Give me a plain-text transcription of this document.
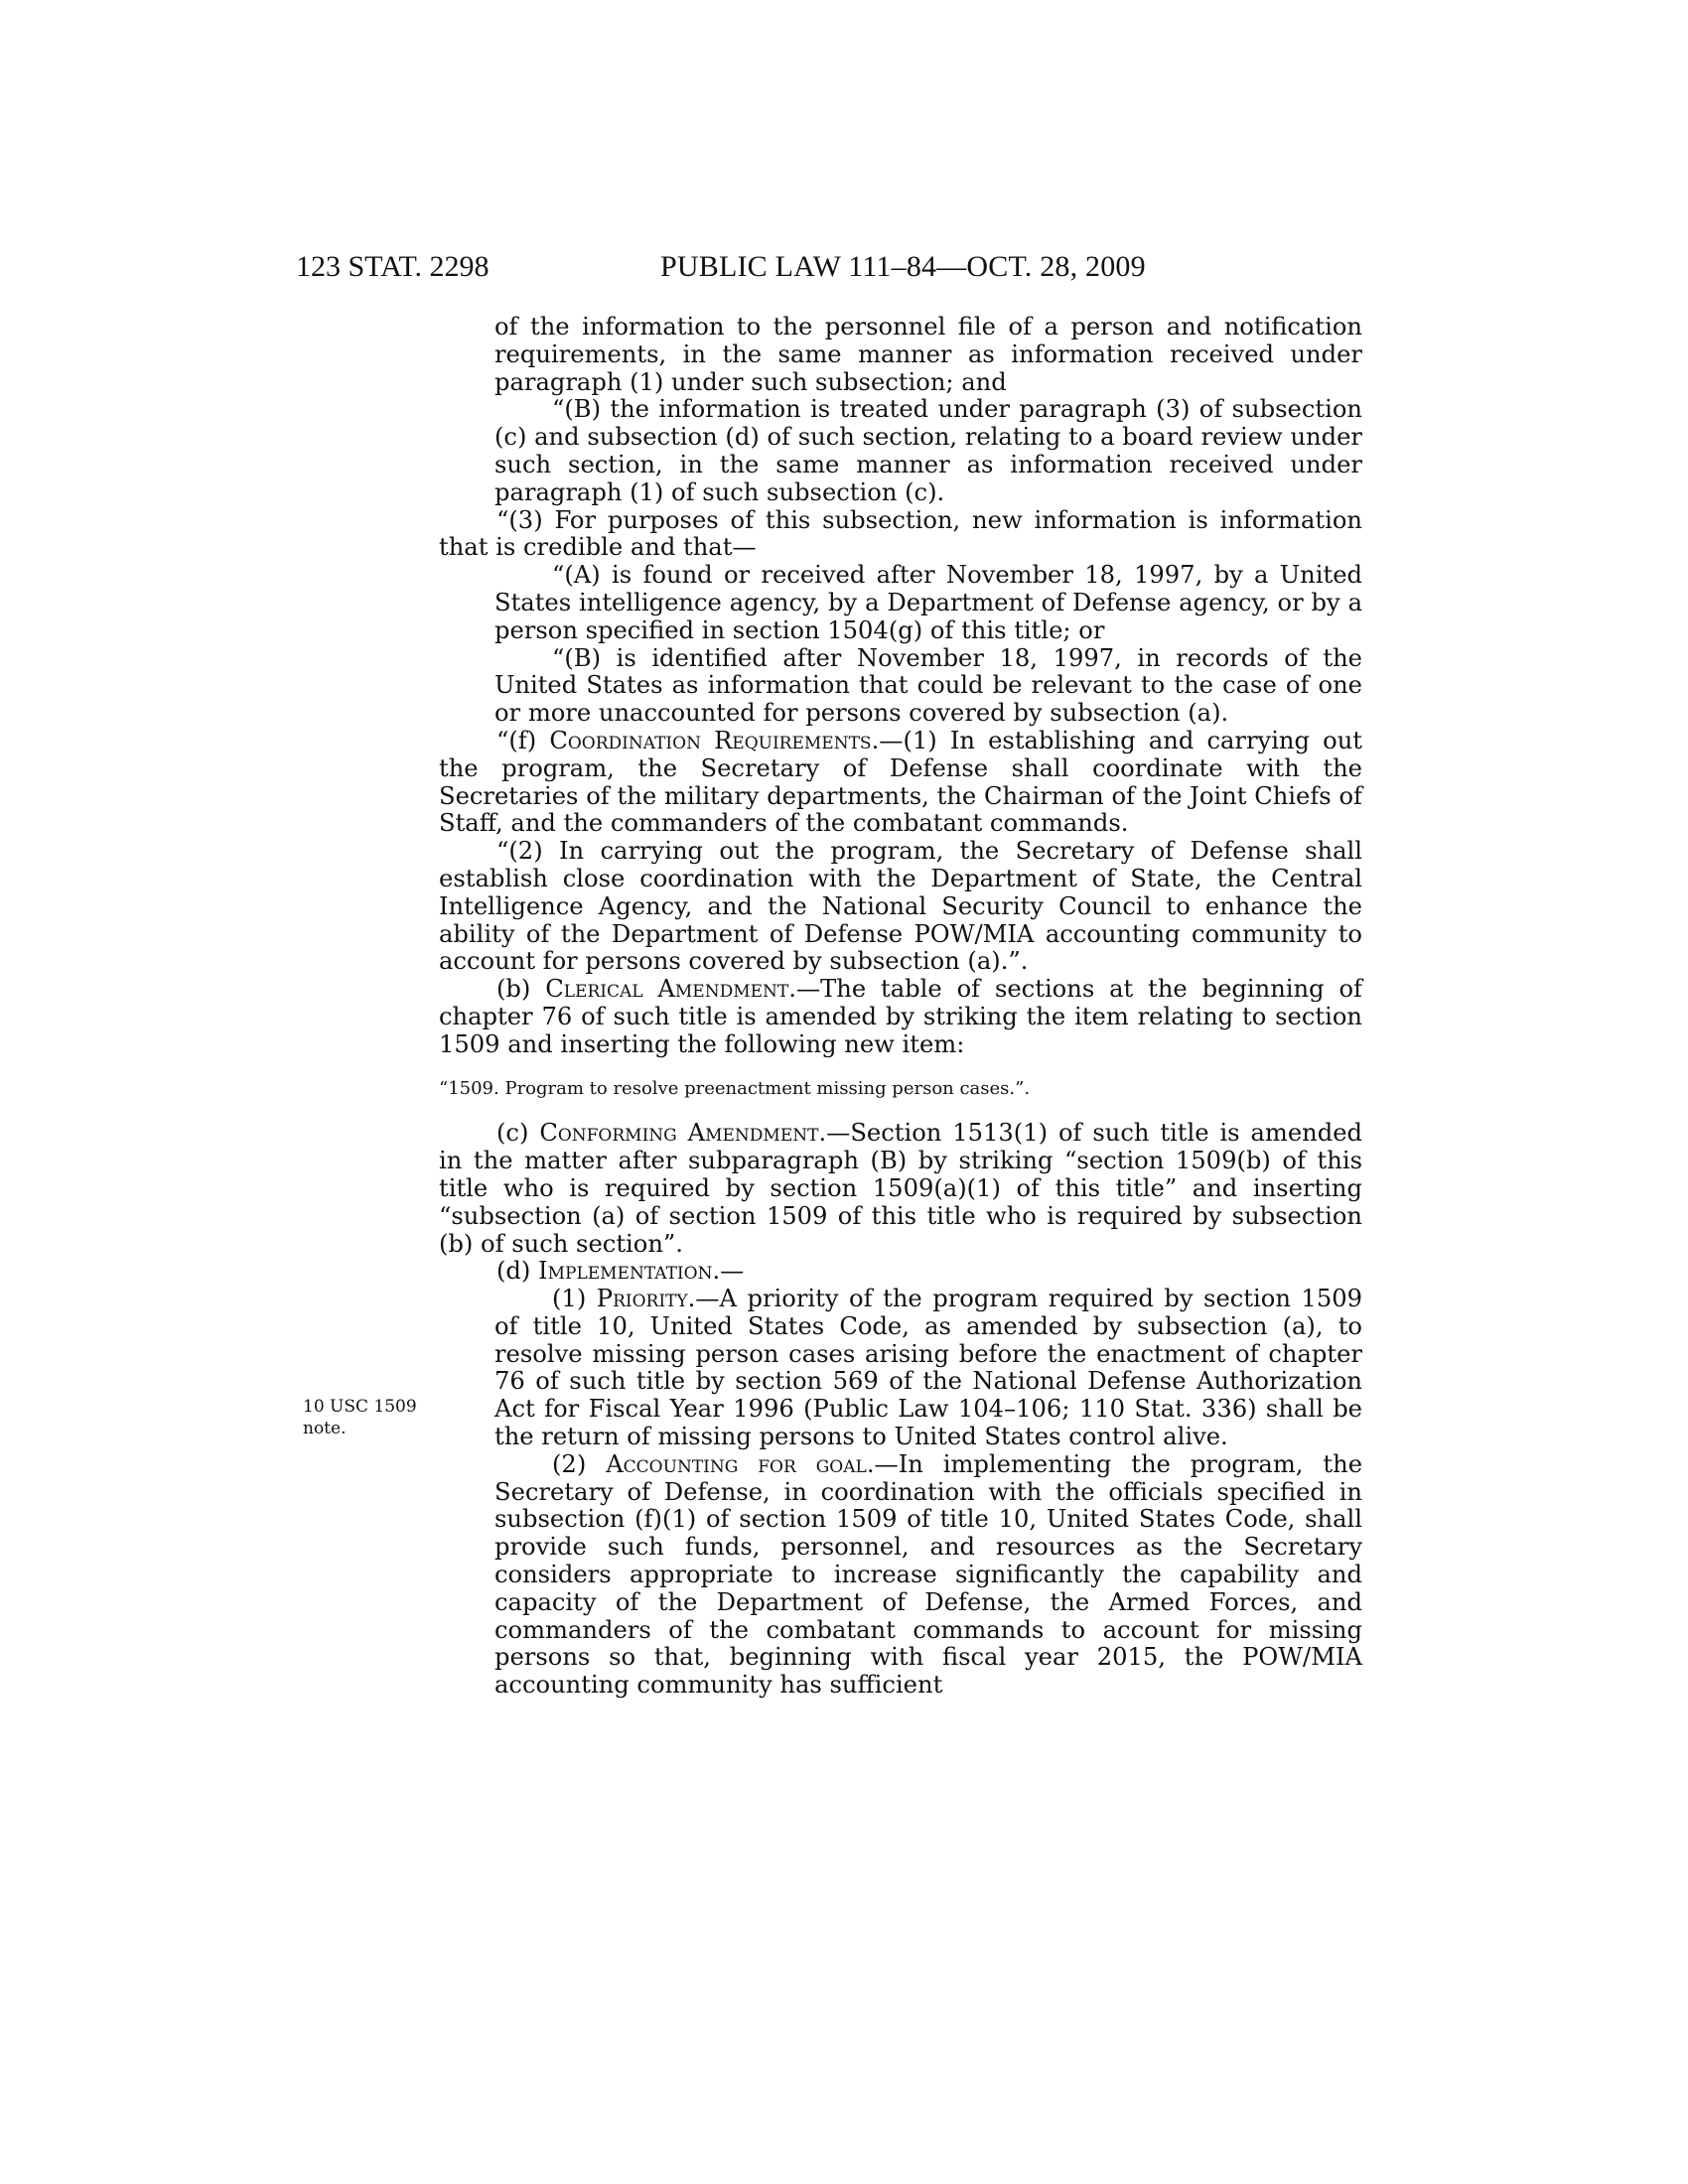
123 STAT. 2298	PUBLIC LAW 111–84—OCT. 28, 2009
10 USC 1509
note.

of the information to the personnel file of a person and notification requirements, in the same manner as information received under paragraph (1) under such subsection; and

“(B) the information is treated under paragraph (3) of subsection (c) and subsection (d) of such section, relating to a board review under such section, in the same manner as information received under paragraph (1) of such subsection (c).

“(3) For purposes of this subsection, new information is information that is credible and that—

“(A) is found or received after November 18, 1997, by a United States intelligence agency, by a Department of Defense agency, or by a person specified in section 1504(g) of this title; or

“(B) is identified after November 18, 1997, in records of the United States as information that could be relevant to the case of one or more unaccounted for persons covered by subsection (a).

“(f) Coordination Requirements.—(1) In establishing and carrying out the program, the Secretary of Defense shall coordinate with the Secretaries of the military departments, the Chairman of the Joint Chiefs of Staff, and the commanders of the combatant commands.

“(2) In carrying out the program, the Secretary of Defense shall establish close coordination with the Department of State, the Central Intelligence Agency, and the National Security Council to enhance the ability of the Department of Defense POW/MIA accounting community to account for persons covered by subsection (a).”.

(b) Clerical Amendment.—The table of sections at the beginning of chapter 76 of such title is amended by striking the item relating to section 1509 and inserting the following new item:

“1509. Program to resolve preenactment missing person cases.”.

(c) Conforming Amendment.—Section 1513(1) of such title is amended in the matter after subparagraph (B) by striking “section 1509(b) of this title who is required by section 1509(a)(1) of this title” and inserting “subsection (a) of section 1509 of this title who is required by subsection (b) of such section”.

(d) Implementation.—

(1) Priority.—A priority of the program required by section 1509 of title 10, United States Code, as amended by subsection (a), to resolve missing person cases arising before the enactment of chapter 76 of such title by section 569 of the National Defense Authorization Act for Fiscal Year 1996 (Public Law 104–106; 110 Stat. 336) shall be the return of missing persons to United States control alive.

(2) Accounting for goal.—In implementing the program, the Secretary of Defense, in coordination with the officials specified in subsection (f)(1) of section 1509 of title 10, United States Code, shall provide such funds, personnel, and resources as the Secretary considers appropriate to increase significantly the capability and capacity of the Department of Defense, the Armed Forces, and commanders of the combatant commands to account for missing persons so that, beginning with fiscal year 2015, the POW/MIA accounting community has sufficient
